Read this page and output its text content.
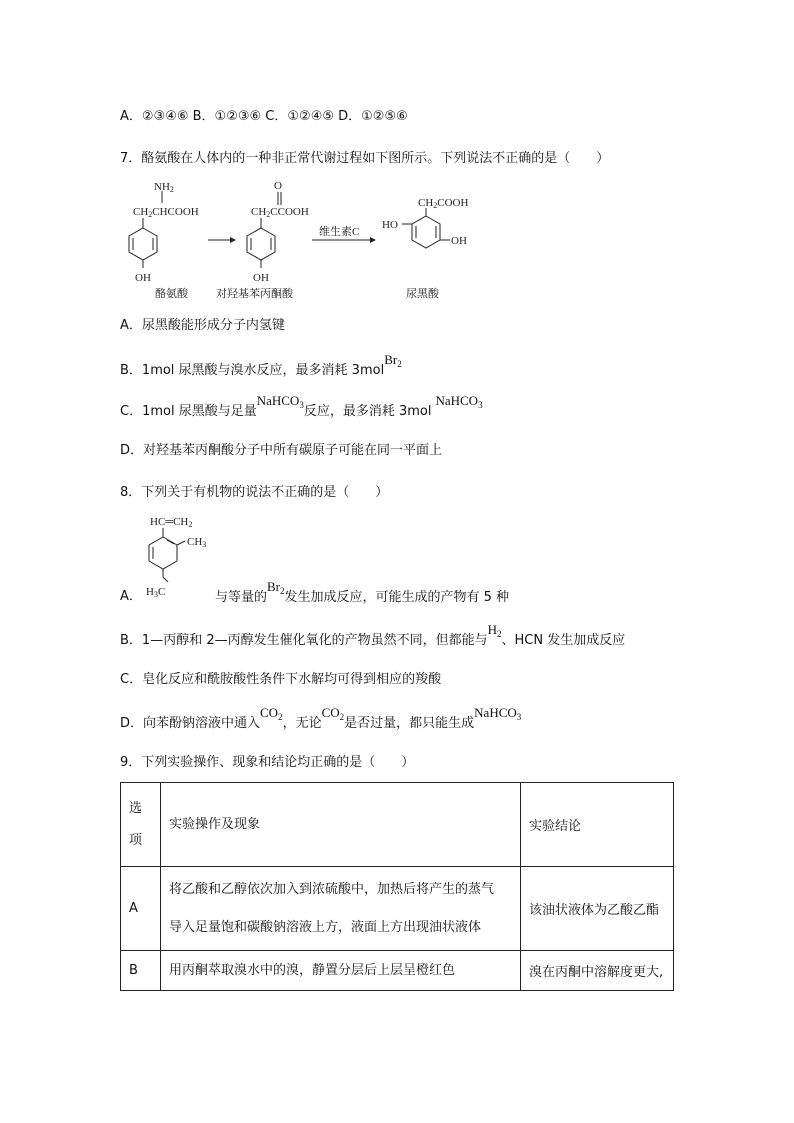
A．②③④⑥ B．①②③⑥ C．①②④⑤ D．①②⑤⑥
7．酪氨酸在人体内的一种非正常代谢过程如下图所示。下列说法不正确的是（　　）
NH2
CH2CHCOOH
OH
O
CH2CCOOH
OH
CH2COOH
HO
OH
维生素C
酪氨酸	对羟基苯丙酮酸	尿黑酸
A．尿黑酸能形成分子内氢键
B．1mol 尿黑酸与溴水反应，最多消耗 3molBr$_2$
C．1mol 尿黑酸与足量NaHCO$_3$反应，最多消耗 3molNaHCO$_3$
D．对羟基苯丙酮酸分子中所有碳原子可能在同一平面上
8．下列关于有机物的说法不正确的是（　　）
HC═CH2
CH3
H3C
A．	与等量的$Br_2$发生加成反应，可能生成的产物有 5 种
B．1—丙醇和 2—丙醇发生催化氧化的产物虽然不同，但都能与$H_2$、HCN 发生加成反应
C．皂化反应和酰胺酸性条件下水解均可得到相应的羧酸
D．向苯酚钠溶液中通入$CO_2$，无论$CO_2$是否过量，都只能生成NaHCO$_3$
9．下列实验操作、现象和结论均正确的是（　　）
选
项	实验操作及现象	实验结论
A	将乙酸和乙醇依次加入到浓硫酸中，加热后将产生的蒸气
导入足量饱和碳酸钠溶液上方，液面上方出现油状液体	该油状液体为乙酸乙酯
B	用丙酮萃取溴水中的溴，静置分层后上层呈橙红色	溴在丙酮中溶解度更大,
